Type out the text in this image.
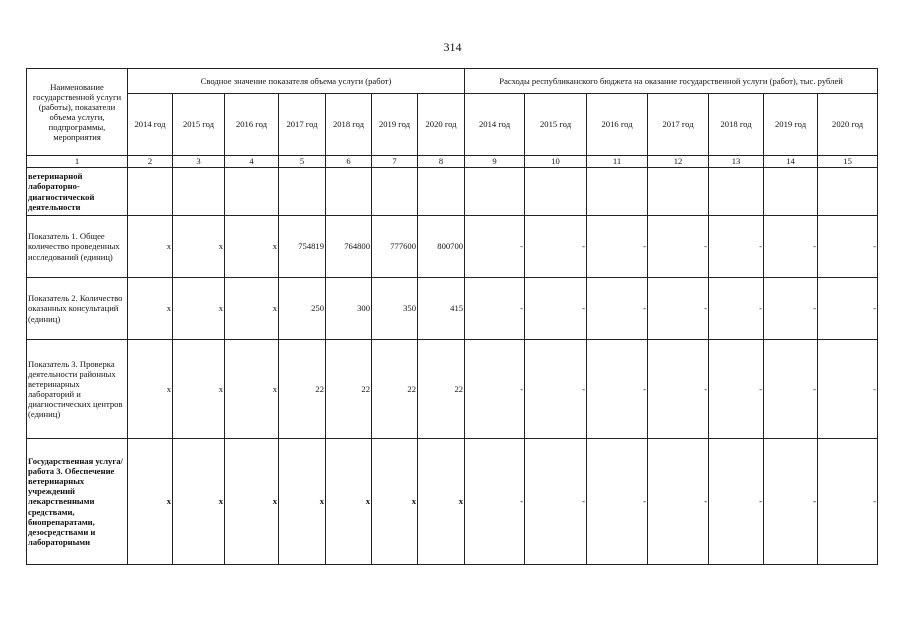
314
Наименование государственной услуги (работы), показатели объема услуги, подпрограммы, мероприятия	Сводное значение показателя объема услуги (работ)							Расходы республиканского бюджета на оказание государственной услуги (работ), тыс. рублей						
	2014 год	2015 год	2016 год	2017 год	2018 год	2019 год	2020 год	2014 год	2015 год	2016 год	2017 год	2018 год	2019 год	2020 год
1	2	3	4	5	6	7	8	9	10	11	12	13	14	15
ветеринарной лабораторно-диагностической деятельности														
Показатель 1. Общее количество проведенных исследований (единиц)	x	x	x	754819	764800	777600	800700	-	-	-	-	-	-	-
Показатель 2. Количество оказанных консультаций (единиц)	x	x	x	250	300	350	415	-	-	-	-	-	-	-
Показатель 3. Проверка деятельности районных ветеринарных лабораторий и диагностических центров (единиц)	x	x	x	22	22	22	22	-	-	-	-	-	-	-
Государственная услуга/работа 3. Обеспечение ветеринарных учреждений лекарственными средствами, биопрепаратами, дезосредствами и лабораторными	x	x	x	x	x	x	x	-	-	-	-	-	-	-
